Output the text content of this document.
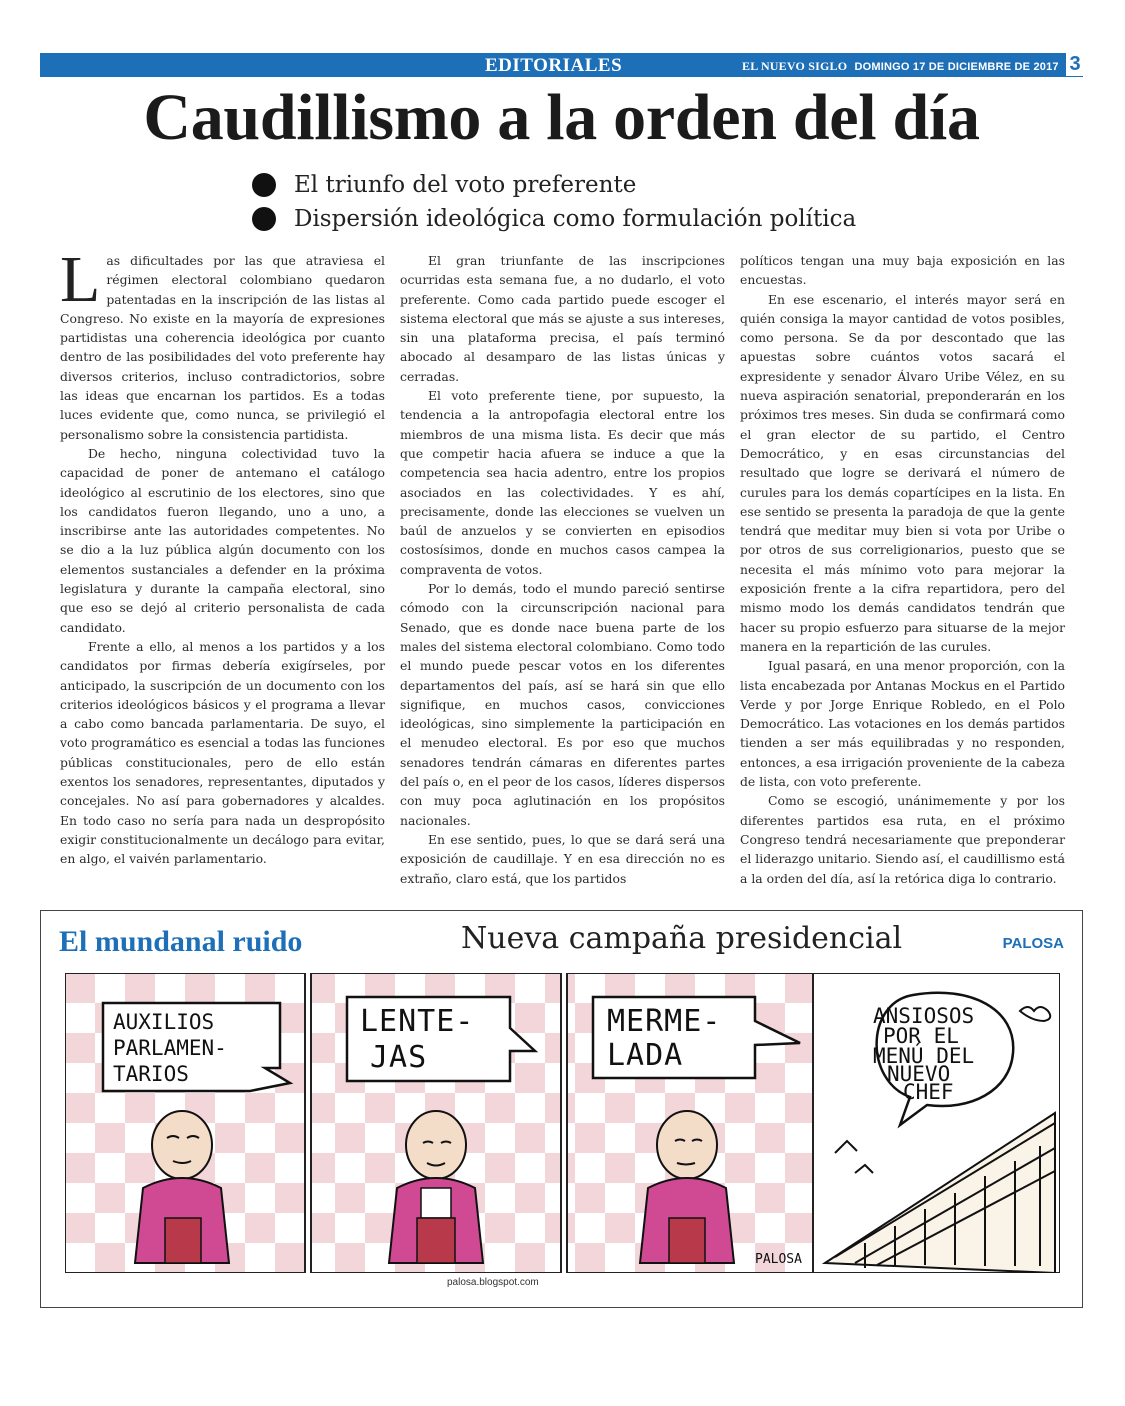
EDITORIALES	EL NUEVO SIGLO DOMINGO 17 DE DICIEMBRE DE 2017 3
Caudillismo a la orden del día
El triunfo del voto preferente
Dispersión ideológica como formulación política

Las dificultades por las que atraviesa el régimen electoral colombiano quedaron patentadas en la inscripción de las listas al Congreso. No existe en la mayoría de expresiones partidistas una coherencia ideológica por cuanto dentro de las posibilidades del voto preferente hay diversos criterios, incluso contradictorios, sobre las ideas que encarnan los partidos. Es a todas luces evidente que, como nunca, se privilegió el personalismo sobre la consistencia partidista.

De hecho, ninguna colectividad tuvo la capacidad de poner de antemano el catálogo ideológico al escrutinio de los electores, sino que los candidatos fueron llegando, uno a uno, a inscribirse ante las autoridades competentes. No se dio a la luz pública algún documento con los elementos sustanciales a defender en la próxima legislatura y durante la campaña electoral, sino que eso se dejó al criterio personalista de cada candidato.

Frente a ello, al menos a los partidos y a los candidatos por firmas debería exigírseles, por anticipado, la suscripción de un documento con los criterios ideológicos básicos y el programa a llevar a cabo como bancada parlamentaria. De suyo, el voto programático es esencial a todas las funciones públicas constitucionales, pero de ello están exentos los senadores, representantes, diputados y concejales. No así para gobernadores y alcaldes. En todo caso no sería para nada un despropósito exigir constitucionalmente un decálogo para evitar, en algo, el vaivén parlamentario.

El gran triunfante de las inscripciones ocurridas esta semana fue, a no dudarlo, el voto preferente. Como cada partido puede escoger el sistema electoral que más se ajuste a sus intereses, sin una plataforma precisa, el país terminó abocado al desamparo de las listas únicas y cerradas.

El voto preferente tiene, por supuesto, la tendencia a la antropofagia electoral entre los miembros de una misma lista. Es decir que más que competir hacia afuera se induce a que la competencia sea hacia adentro, entre los propios asociados en las colectividades. Y es ahí, precisamente, donde las elecciones se vuelven un baúl de anzuelos y se convierten en episodios costosísimos, donde en muchos casos campea la compraventa de votos.

Por lo demás, todo el mundo pareció sentirse cómodo con la circunscripción nacional para Senado, que es donde nace buena parte de los males del sistema electoral colombiano. Como todo el mundo puede pescar votos en los diferentes departamentos del país, así se hará sin que ello signifique, en muchos casos, convicciones ideológicas, sino simplemente la participación en el menudeo electoral. Es por eso que muchos senadores tendrán cámaras en diferentes partes del país o, en el peor de los casos, líderes dispersos con muy poca aglutinación en los propósitos nacionales.

En ese sentido, pues, lo que se dará será una exposición de caudillaje. Y en esa dirección no es extraño, claro está, que los partidos

políticos tengan una muy baja exposición en las encuestas.

En ese escenario, el interés mayor será en quién consiga la mayor cantidad de votos posibles, como persona. Se da por descontado que las apuestas sobre cuántos votos sacará el expresidente y senador Álvaro Uribe Vélez, en su nueva aspiración senatorial, preponderarán en los próximos tres meses. Sin duda se confirmará como el gran elector de su partido, el Centro Democrático, y en esas circunstancias del resultado que logre se derivará el número de curules para los demás copartícipes en la lista. En ese sentido se presenta la paradoja de que la gente tendrá que meditar muy bien si vota por Uribe o por otros de sus correligionarios, puesto que se necesita el más mínimo voto para mejorar la exposición frente a la cifra repartidora, pero del mismo modo los demás candidatos tendrán que hacer su propio esfuerzo para situarse de la mejor manera en la repartición de las curules.

Igual pasará, en una menor proporción, con la lista encabezada por Antanas Mockus en el Partido Verde y por Jorge Enrique Robledo, en el Polo Democrático. Las votaciones en los demás partidos tienden a ser más equilibradas y no responden, entonces, a esa irrigación proveniente de la cabeza de lista, con voto preferente.

Como se escogió, unánimemente y por los diferentes partidos esa ruta, en el próximo Congreso tendrá necesariamente que preponderar el liderazgo unitario. Siendo así, el caudillismo está a la orden del día, así la retórica diga lo contrario.

El mundanal ruido	Nueva campaña presidencial	PALOSA
AUXILIOS
PARLAMEN-
TARIOS
LENTE-
JAS
MERME-
LADA
PALOSA
ANSIOSOS
POR EL
MENÚ DEL
NUEVO
CHEF
palosa.blogspot.com
